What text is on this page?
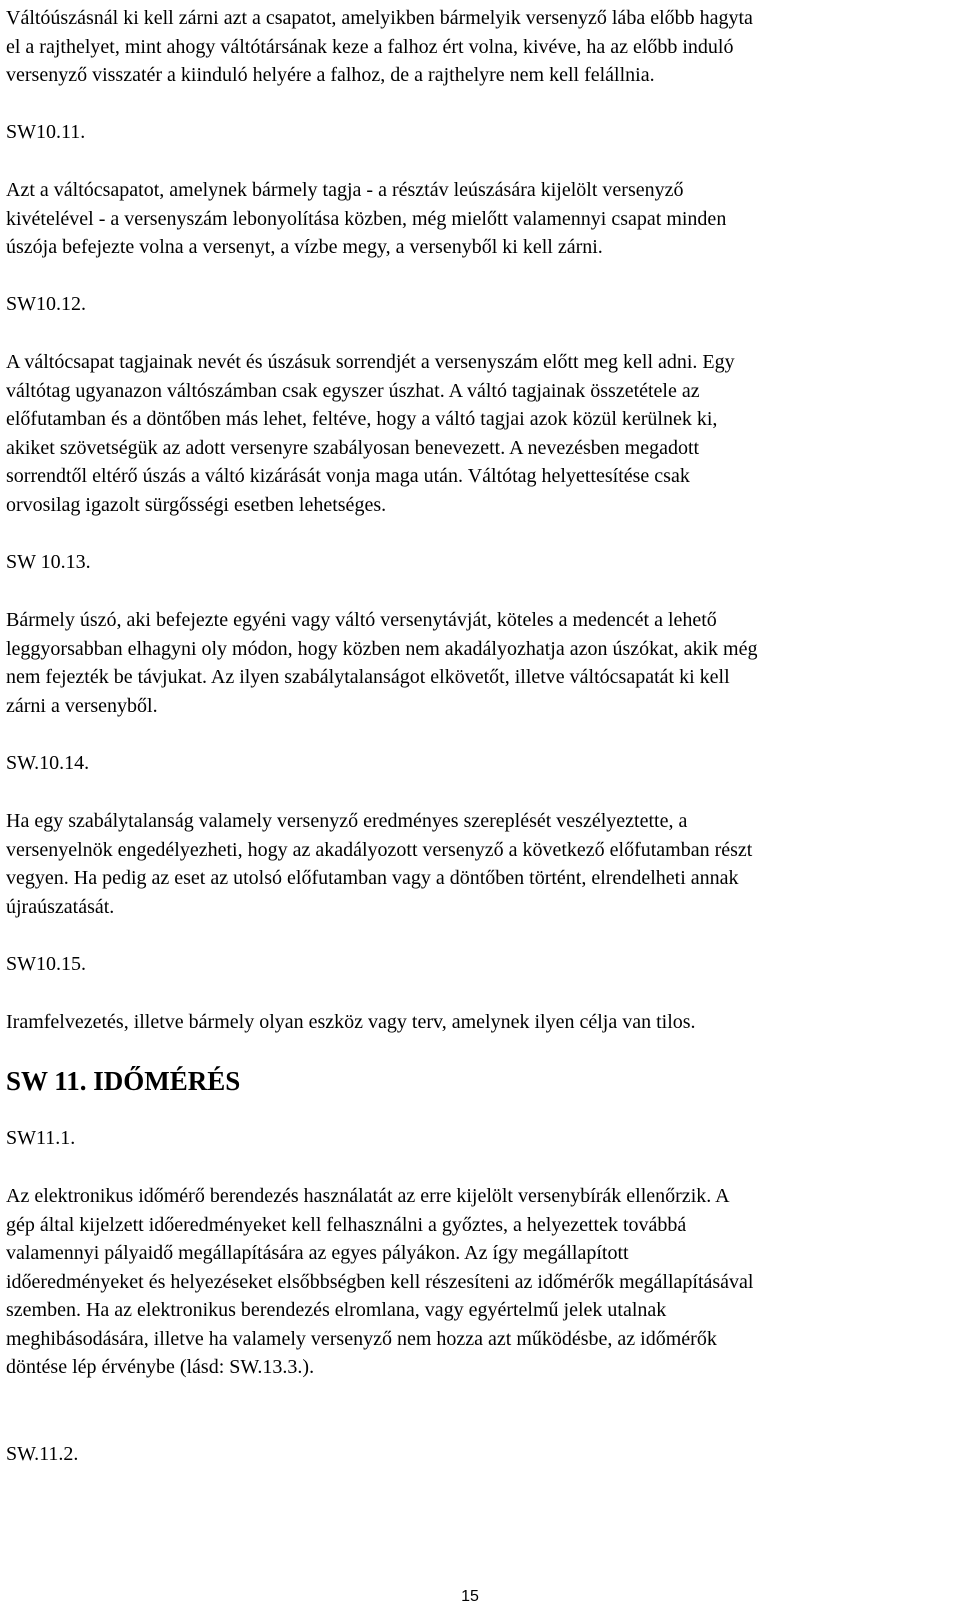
Váltóúszásnál ki kell zárni azt a csapatot, amelyikben bármelyik versenyző lába előbb hagyta
el a rajthelyet, mint ahogy váltótársának keze a falhoz ért volna, kivéve, ha az előbb induló
versenyző visszatér a kiinduló helyére a falhoz, de a rajthelyre nem kell felállnia.

SW10.11.

Azt a váltócsapatot, amelynek bármely tagja - a résztáv leúszására kijelölt versenyző
kivételével - a versenyszám lebonyolítása közben, még mielőtt valamennyi csapat minden
úszója befejezte volna a versenyt, a vízbe megy, a versenyből ki kell zárni.

SW10.12.

A váltócsapat tagjainak nevét és úszásuk sorrendjét a versenyszám előtt meg kell adni. Egy
váltótag ugyanazon váltószámban csak egyszer úszhat. A váltó tagjainak összetétele az
előfutamban és a döntőben más lehet, feltéve, hogy a váltó tagjai azok közül kerülnek ki,
akiket szövetségük az adott versenyre szabályosan benevezett. A nevezésben megadott
sorrendtől eltérő úszás a váltó kizárását vonja maga után. Váltótag helyettesítése csak
orvosilag igazolt sürgősségi esetben lehetséges.

SW 10.13.

Bármely úszó, aki befejezte egyéni vagy váltó versenytávját, köteles a medencét a lehető
leggyorsabban elhagyni oly módon, hogy közben nem akadályozhatja azon úszókat, akik még
nem fejezték be távjukat. Az ilyen szabálytalanságot elkövetőt, illetve váltócsapatát ki kell
zárni a versenyből.

SW.10.14.

Ha egy szabálytalanság valamely versenyző eredményes szereplését veszélyeztette, a
versenyelnök engedélyezheti, hogy az akadályozott versenyző a következő előfutamban részt
vegyen. Ha pedig az eset az utolsó előfutamban vagy a döntőben történt, elrendelheti annak
újraúszatását.

SW10.15.

Iramfelvezetés, illetve bármely olyan eszköz vagy terv, amelynek ilyen célja van tilos.

SW 11. IDŐMÉRÉS

SW11.1.

Az elektronikus időmérő berendezés használatát az erre kijelölt versenybírák ellenőrzik. A
gép által kijelzett időeredményeket kell felhasználni a győztes, a helyezettek továbbá
valamennyi pályaidő megállapítására az egyes pályákon. Az így megállapított
időeredményeket és helyezéseket elsőbbségben kell részesíteni az időmérők megállapításával
szemben. Ha az elektronikus berendezés elromlana, vagy egyértelmű jelek utalnak
meghibásodására, illetve ha valamely versenyző nem hozza azt működésbe, az időmérők
döntése lép érvénybe (lásd: SW.13.3.).

SW.11.2.

15
